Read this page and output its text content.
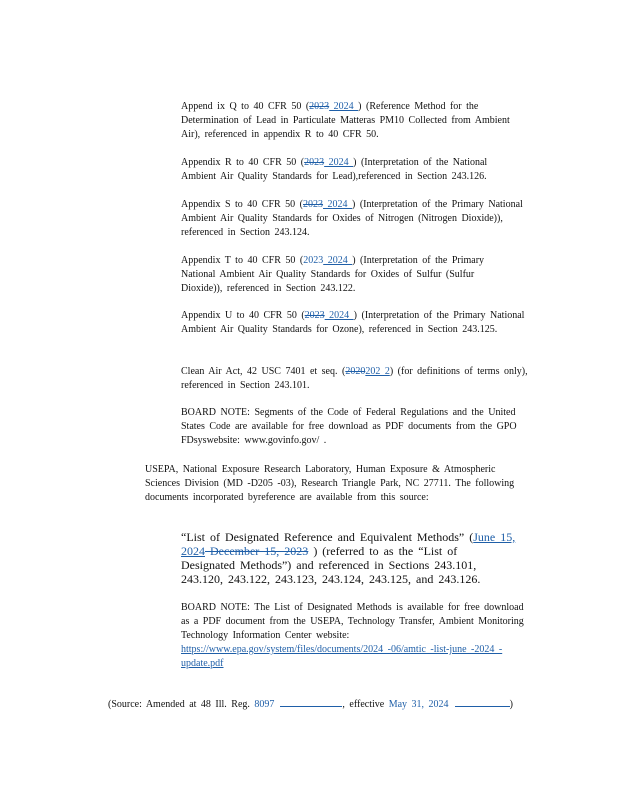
Append ix Q to 40 CFR 50 (2023 2024 ) (Reference Method for the Determination of Lead in Particulate Matteras PM10 Collected from Ambient Air), referenced in appendix R to 40 CFR 50.
Appendix R to 40 CFR 50 (2023 2024 ) (Interpretation of the National Ambient Air Quality Standards for Lead),referenced in Section 243.126.
Appendix S to 40 CFR 50 (2023 2024 ) (Interpretation of the Primary National Ambient Air Quality Standards for Oxides of Nitrogen (Nitrogen Dioxide)), referenced in Section 243.124.
Appendix T to 40 CFR 50 (2023 2024 ) (Interpretation of the Primary National Ambient Air Quality Standards for Oxides of Sulfur (Sulfur Dioxide)), referenced in Section 243.122.
Appendix U to 40 CFR 50 (2023 2024 ) (Interpretation of the Primary National Ambient Air Quality Standards for Ozone), referenced in Section 243.125.
Clean Air Act, 42 USC 7401 et seq. (2020202 2) (for definitions of terms only), referenced in Section 243.101.
BOARD NOTE: Segments of the Code of Federal Regulations and the United States Code are available for free download as PDF documents from the GPO FDsyswebsite: www.govinfo.gov/ .
USEPA, National Exposure Research Laboratory, Human Exposure & Atmospheric Sciences Division (MD -D205 -03), Research Triangle Park, NC 27711. The following documents incorporated byreference are available from this source:
“List of Designated Reference and Equivalent Methods” (June 15, 2024 December 15, 2023 ) (referred to as the “List of Designated Methods”) and referenced in Sections 243.101, 243.120, 243.122, 243.123, 243.124, 243.125, and 243.126.
BOARD NOTE: The List of Designated Methods is available for free download as a PDF document from the USEPA, Technology Transfer, Ambient Monitoring Technology Information Center website: https://www.epa.gov/system/files/documents/2024 -06/amtic -list-june -2024 -update.pdf
(Source: Amended at 48 Ill. Reg. 8097	, effective May 31, 2024	)
